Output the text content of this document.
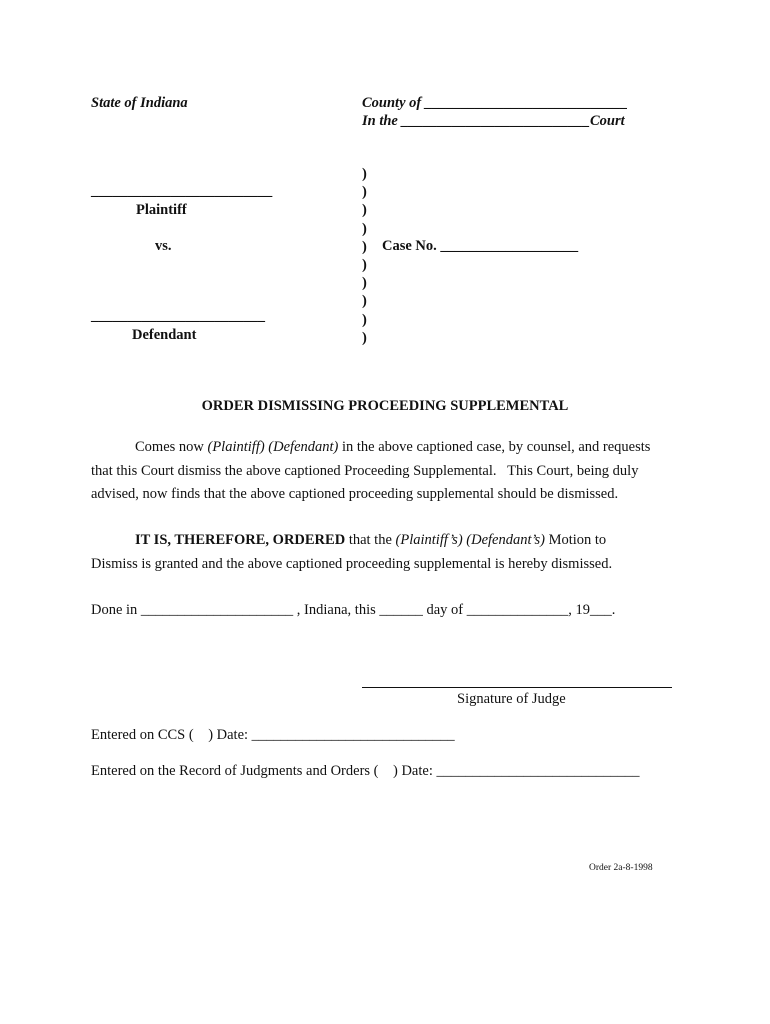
State of Indiana	County of ____________________________
In the __________________________Court
_________________________
Plaintiff
vs.
________________________
Defendant
)
)
)
)
)
)
)
)
)
)
Case No. ___________________
ORDER DISMISSING PROCEEDING SUPPLEMENTAL
Comes now (Plaintiff) (Defendant) in the above captioned case, by counsel, and requests
that this Court dismiss the above captioned Proceeding Supplemental.   This Court, being duly
advised, now finds that the above captioned proceeding supplemental should be dismissed.
IT IS, THEREFORE, ORDERED that the (Plaintiff’s) (Defendant’s) Motion to
Dismiss is granted and the above captioned proceeding supplemental is hereby dismissed.
Done in _____________________ , Indiana, this ______ day of ______________, 19___.
Signature of Judge
Entered on CCS (    ) Date: ____________________________
Entered on the Record of Judgments and Orders (    ) Date: ____________________________
Order 2a-8-1998
